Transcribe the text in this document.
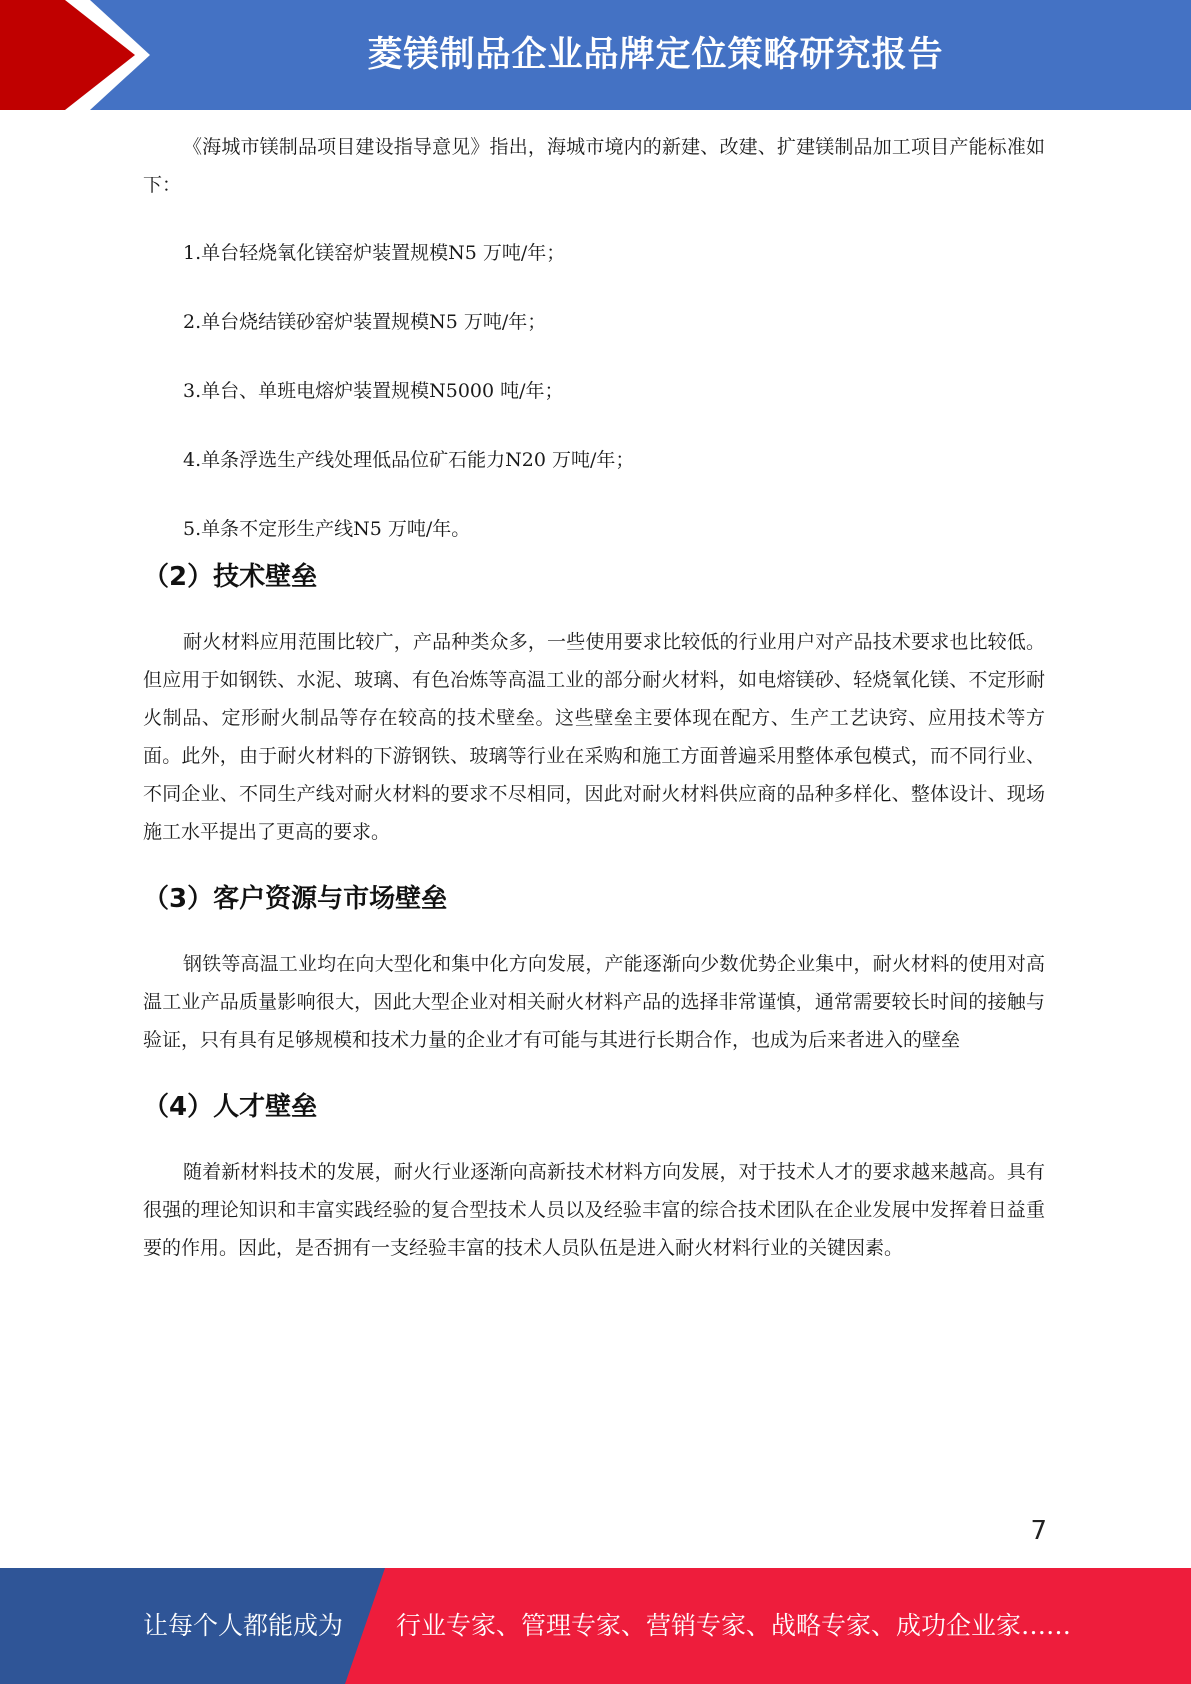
菱镁制品企业品牌定位策略研究报告

《海城市镁制品项目建设指导意见》指出，海城市境内的新建、改建、扩建镁制品加工项目产能标准如下：

1.单台轻烧氧化镁窑炉装置规模N5 万吨/年；
2.单台烧结镁砂窑炉装置规模N5 万吨/年；
3.单台、单班电熔炉装置规模N5000 吨/年；
4.单条浮选生产线处理低品位矿石能力N20 万吨/年；
5.单条不定形生产线N5 万吨/年。
（2）技术壁垒

耐火材料应用范围比较广，产品种类众多，一些使用要求比较低的行业用户对产品技术要求也比较低。但应用于如钢铁、水泥、玻璃、有色冶炼等高温工业的部分耐火材料，如电熔镁砂、轻烧氧化镁、不定形耐火制品、定形耐火制品等存在较高的技术壁垒。这些壁垒主要体现在配方、生产工艺诀窍、应用技术等方面。此外，由于耐火材料的下游钢铁、玻璃等行业在采购和施工方面普遍采用整体承包模式，而不同行业、不同企业、不同生产线对耐火材料的要求不尽相同，因此对耐火材料供应商的品种多样化、整体设计、现场施工水平提出了更高的要求。

（3）客户资源与市场壁垒

钢铁等高温工业均在向大型化和集中化方向发展，产能逐渐向少数优势企业集中，耐火材料的使用对高温工业产品质量影响很大，因此大型企业对相关耐火材料产品的选择非常谨慎，通常需要较长时间的接触与验证，只有具有足够规模和技术力量的企业才有可能与其进行长期合作，也成为后来者进入的壁垒

（4）人才壁垒

随着新材料技术的发展，耐火行业逐渐向高新技术材料方向发展，对于技术人才的要求越来越高。具有很强的理论知识和丰富实践经验的复合型技术人员以及经验丰富的综合技术团队在企业发展中发挥着日益重要的作用。因此，是否拥有一支经验丰富的技术人员队伍是进入耐火材料行业的关键因素。

7
让每个人都能成为 行业专家、管理专家、营销专家、战略专家、成功企业家……
